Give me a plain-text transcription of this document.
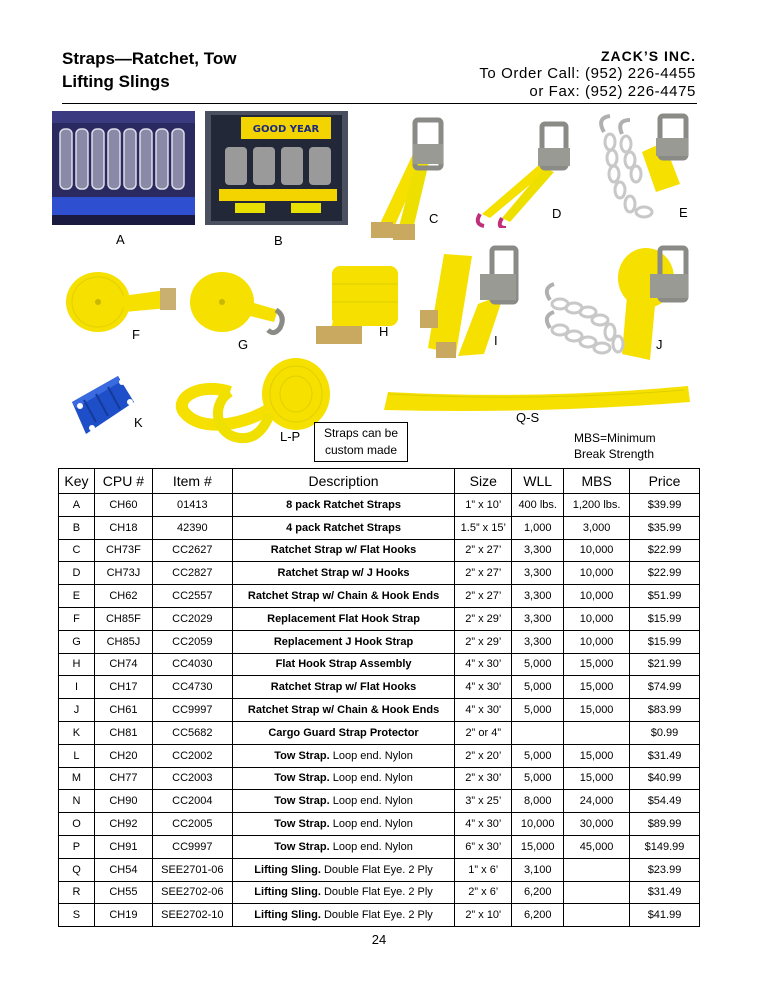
Straps—Ratchet, Tow
Lifting Slings
ZACK’S INC.
To Order Call: (952) 226-4455
or Fax: (952) 226-4475
A
GOOD YEAR
B
C	D	E
F
G
H
I	J
K
L-P	Straps can be
custom made
Q-S
MBS=Minimum
Break Strength
Key	CPU #	Item #	Description	Size	WLL	MBS	Price
A	CH60	01413	8 pack Ratchet Straps	1” x 10’	400 lbs.	1,200 lbs.	$39.99
B	CH18	42390	4 pack Ratchet Straps	1.5” x 15’	1,000	3,000	$35.99
C	CH73F	CC2627	Ratchet Strap w/ Flat Hooks	2” x 27’	3,300	10,000	$22.99
D	CH73J	CC2827	Ratchet Strap w/ J Hooks	2” x 27’	3,300	10,000	$22.99
E	CH62	CC2557	Ratchet Strap w/ Chain & Hook Ends	2” x 27’	3,300	10,000	$51.99
F	CH85F	CC2029	Replacement Flat Hook Strap	2” x 29’	3,300	10,000	$15.99
G	CH85J	CC2059	Replacement J Hook Strap	2” x 29’	3,300	10,000	$15.99
H	CH74	CC4030	Flat Hook Strap Assembly	4” x 30’	5,000	15,000	$21.99
I	CH17	CC4730	Ratchet Strap w/ Flat Hooks	4” x 30'	5,000	15,000	$74.99
J	CH61	CC9997	Ratchet Strap w/ Chain & Hook Ends	4” x 30'	5,000	15,000	$83.99
K	CH81	CC5682	Cargo Guard Strap Protector	2” or 4”			$0.99
L	CH20	CC2002	Tow Strap. Loop end. Nylon	2” x 20’	5,000	15,000	$31.49
M	CH77	CC2003	Tow Strap. Loop end. Nylon	2” x 30’	5,000	15,000	$40.99
N	CH90	CC2004	Tow Strap. Loop end. Nylon	3” x 25’	8,000	24,000	$54.49
O	CH92	CC2005	Tow Strap. Loop end. Nylon	4” x 30’	10,000	30,000	$89.99
P	CH91	CC9997	Tow Strap. Loop end. Nylon	6” x 30’	15,000	45,000	$149.99
Q	CH54	SEE2701-06	Lifting Sling. Double Flat Eye. 2 Ply	1” x 6’	3,100		$23.99
R	CH55	SEE2702-06	Lifting Sling. Double Flat Eye. 2 Ply	2” x 6’	6,200		$31.49
S	CH19	SEE2702-10	Lifting Sling. Double Flat Eye. 2 Ply	2” x 10'	6,200		$41.99
24
